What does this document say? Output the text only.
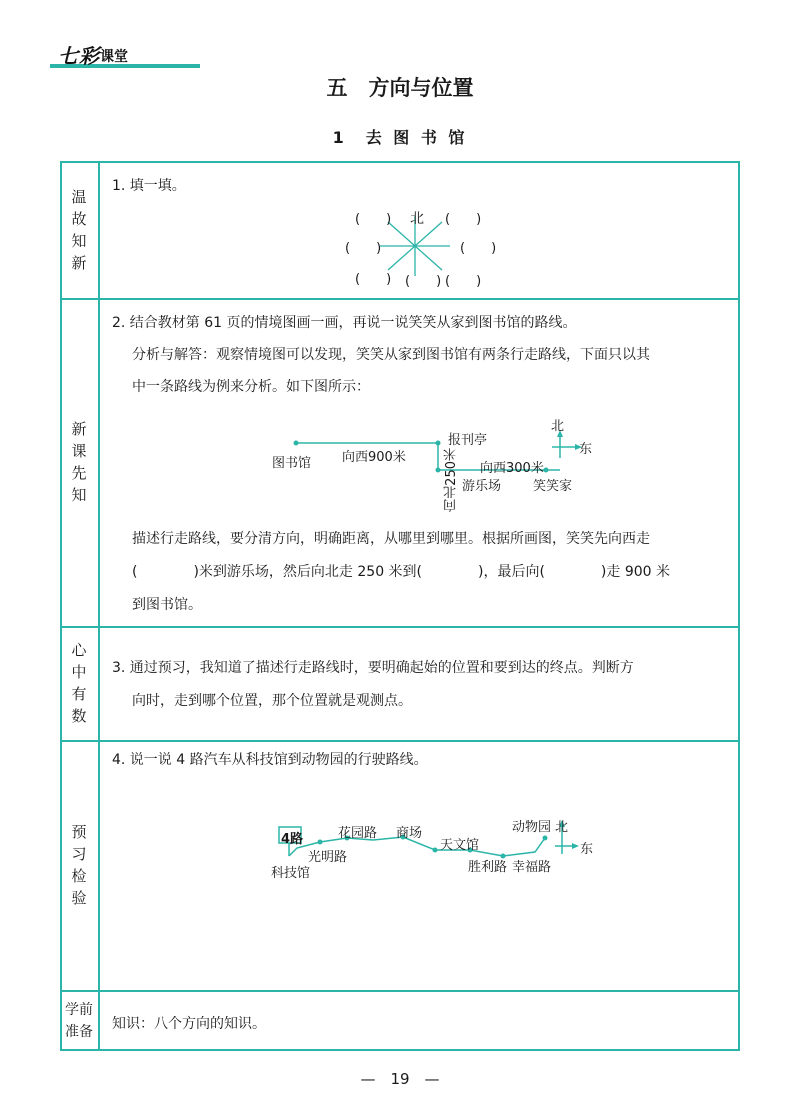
七彩 课堂
五　方向与位置
1　去 图 书 馆
温故知新
新课先知
心中有数
预习检验
学前准备
1. 填一填。
(　　) 北 (　　)
(　　)	(　　)
(　　) (　　) (　　)
2. 结合教材第 61 页的情境图画一画，再说一说笑笑从家到图书馆的路线。
分析与解答：观察情境图可以发现，笑笑从家到图书馆有两条行走路线，下面只以其
中一条路线为例来分析。如下图所示：
北
东
图书馆 向西900米
报刊亭
向北250米 向西300米
游乐场 笑笑家
描述行走路线，要分清方向，明确距离，从哪里到哪里。根据所画图，笑笑先向西走
(　　　　)米到游乐场，然后向北走 250 米到(　　　　)，最后向(　　　　)走 900 米
到图书馆。
3. 通过预习，我知道了描述行走路线时，要明确起始的位置和要到达的终点。判断方
向时，走到哪个位置，那个位置就是观测点。
4. 说一说 4 路汽车从科技馆到动物园的行驶路线。
4路
科技馆
光明路
花园路 商场
天文馆
胜利路 幸福路
动物园 北
东
知识：八个方向的知识。
—　19　—
